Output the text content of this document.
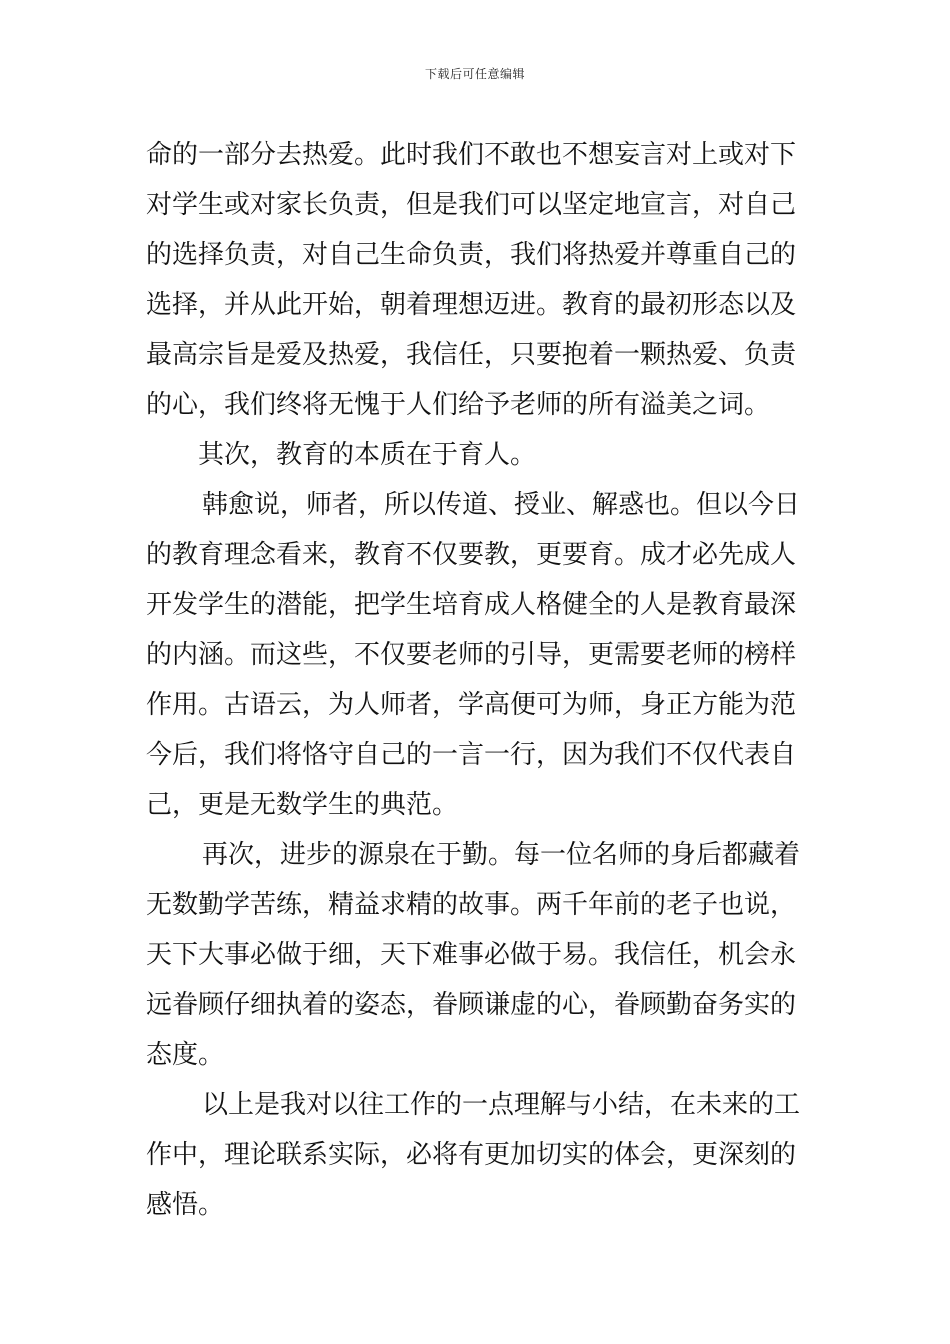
下载后可任意编辑
命的一部分去热爱。此时我们不敢也不想妄言对上或对下
对学生或对家长负责，但是我们可以坚定地宣言，对自己
的选择负责，对自己生命负责，我们将热爱并尊重自己的
选择，并从此开始，朝着理想迈进。教育的最初形态以及
最高宗旨是爱及热爱，我信任，只要抱着一颗热爱、负责
的心，我们终将无愧于人们给予老师的所有溢美之词。
其次，教育的本质在于育人。
韩愈说，师者，所以传道、授业、解惑也。但以今日
的教育理念看来，教育不仅要教，更要育。成才必先成人
开发学生的潜能，把学生培育成人格健全的人是教育最深
的内涵。而这些，不仅要老师的引导，更需要老师的榜样
作用。古语云，为人师者，学高便可为师，身正方能为范
今后，我们将恪守自己的一言一行，因为我们不仅代表自
己，更是无数学生的典范。
再次，进步的源泉在于勤。每一位名师的身后都藏着
无数勤学苦练，精益求精的故事。两千年前的老子也说，
天下大事必做于细，天下难事必做于易。我信任，机会永
远眷顾仔细执着的姿态，眷顾谦虚的心，眷顾勤奋务实的
态度。
以上是我对以往工作的一点理解与小结，在未来的工
作中，理论联系实际，必将有更加切实的体会，更深刻的
感悟。
